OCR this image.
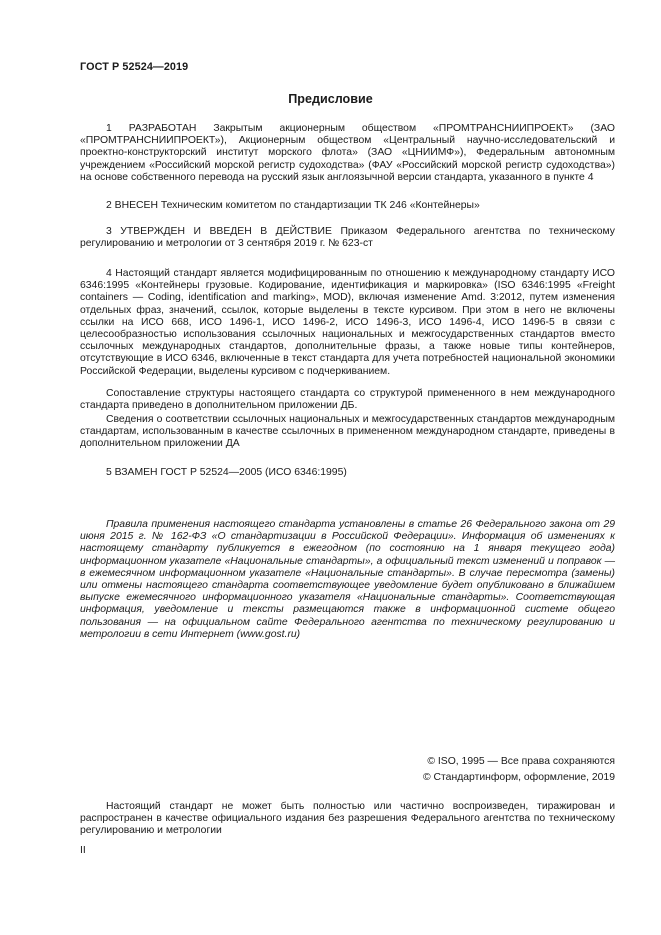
ГОСТ Р 52524—2019
Предисловие

1 РАЗРАБОТАН Закрытым акционерным обществом «ПРОМТРАНСНИИПРОЕКТ» (ЗАО «ПРОМТРАНСНИИПРОЕКТ»), Акционерным обществом «Центральный научно-исследовательский и проектно-конструкторский институт морского флота» (ЗАО «ЦНИИМФ»), Федеральным автономным учреждением «Российский морской регистр судоходства» (ФАУ «Российский морской регистр судоходства») на основе собственного перевода на русский язык англоязычной версии стандарта, указанного в пункте 4

2 ВНЕСЕН Техническим комитетом по стандартизации ТК 246 «Контейнеры»

3 УТВЕРЖДЕН И ВВЕДЕН В ДЕЙСТВИЕ Приказом Федерального агентства по техническому регулированию и метрологии от 3 сентября 2019 г. № 623-ст

4 Настоящий стандарт является модифицированным по отношению к международному стандарту ИСО 6346:1995 «Контейнеры грузовые. Кодирование, идентификация и маркировка» (ISO 6346:1995 «Freight containers — Coding, identification and marking», MOD), включая изменение Amd. 3:2012, путем изменения отдельных фраз, значений, ссылок, которые выделены в тексте курсивом. При этом в него не включены ссылки на ИСО 668, ИСО 1496-1, ИСО 1496-2, ИСО 1496-3, ИСО 1496-4, ИСО 1496-5 в связи с целесообразностью использования ссылочных национальных и межгосударственных стандартов вместо ссылочных международных стандартов, дополнительные фразы, а также новые типы контейнеров, отсутствующие в ИСО 6346, включенные в текст стандарта для учета потребностей национальной экономики Российской Федерации, выделены курсивом с подчеркиванием.

Сопоставление структуры настоящего стандарта со структурой примененного в нем международного стандарта приведено в дополнительном приложении ДБ.

Сведения о соответствии ссылочных национальных и межгосударственных стандартов международным стандартам, использованным в качестве ссылочных в примененном международном стандарте, приведены в дополнительном приложении ДА

5 ВЗАМЕН ГОСТ Р 52524—2005 (ИСО 6346:1995)

Правила применения настоящего стандарта установлены в статье 26 Федерального закона от 29 июня 2015 г. № 162-ФЗ «О стандартизации в Российской Федерации». Информация об изменениях к настоящему стандарту публикуется в ежегодном (по состоянию на 1 января текущего года) информационном указателе «Национальные стандарты», а официальный текст изменений и поправок — в ежемесячном информационном указателе «Национальные стандарты». В случае пересмотра (замены) или отмены настоящего стандарта соответствующее уведомление будет опубликовано в ближайшем выпуске ежемесячного информационного указателя «Национальные стандарты». Соответствующая информация, уведомление и тексты размещаются также в информационной системе общего пользования — на официальном сайте Федерального агентства по техническому регулированию и метрологии в сети Интернет (www.gost.ru)

© ISO, 1995 — Все права сохраняются
© Стандартинформ, оформление, 2019

Настоящий стандарт не может быть полностью или частично воспроизведен, тиражирован и распространен в качестве официального издания без разрешения Федерального агентства по техническому регулированию и метрологии

II
